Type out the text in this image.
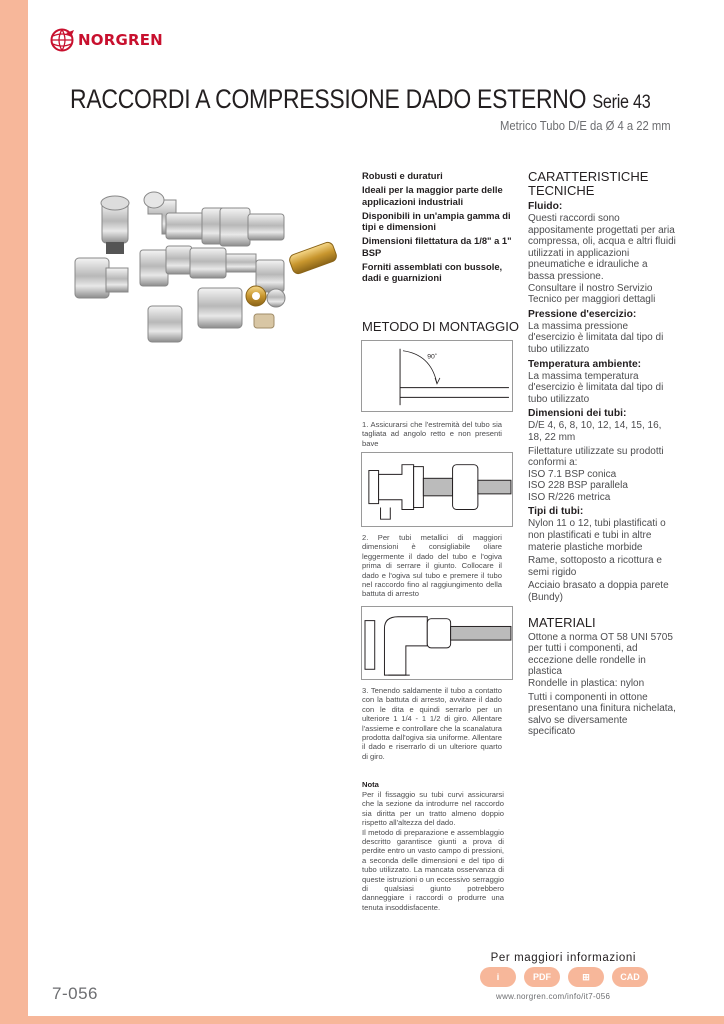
NORGREN
RACCORDI A COMPRESSIONE DADO ESTERNO Serie 43
Metrico Tubo D/E da Ø 4 a 22 mm

Robusti e duraturi

Ideali per la maggior parte delle applicazioni industriali

Disponibili in un'ampia gamma di tipi e dimensioni

Dimensioni filettatura da 1/8" a 1" BSP

Forniti assemblati con bussole, dadi e guarnizioni

METODO DI MONTAGGIO
90˚
1. Assicurarsi che l'estremità del tubo sia tagliata ad angolo retto e non presenti bave
2. Per tubi metallici di maggiori dimensioni è consigliabile oliare leggermente il dado del tubo e l'ogiva prima di serrare il giunto. Collocare il dado e l'ogiva sul tubo e premere il tubo nel raccordo fino al raggiungimento della battuta di arresto
3. Tenendo saldamente il tubo a contatto con la battuta di arresto, avvitare il dado con le dita e quindi serrarlo per un ulteriore 1 1/4 - 1 1/2 di giro. Allentare l'assieme e controllare che la scanalatura prodotta dall'ogiva sia uniforme. Allentare il dado e riserrarlo di un ulteriore quarto di giro.
Nota

Per il fissaggio su tubi curvi assicurarsi che la sezione da introdurre nel raccordo sia diritta per un tratto almeno doppio rispetto all'altezza del dado.

Il metodo di preparazione e assemblaggio descritto garantisce giunti a prova di perdite entro un vasto campo di pressioni, a seconda delle dimensioni e del tipo di tubo utilizzato. La mancata osservanza di queste istruzioni o un eccessivo serraggio di qualsiasi giunto potrebbero danneggiare i raccordi o produrre una tenuta insoddisfacente.

CARATTERISTICHE TECNICHE
Fluido:
Questi raccordi sono appositamente progettati per aria compressa, oli, acqua e altri fluidi utilizzati in applicazioni pneumatiche e idrauliche a bassa pressione.
Consultare il nostro Servizio Tecnico per maggiori dettagli
Pressione d'esercizio:
La massima pressione d'esercizio è limitata dal tipo di tubo utilizzato
Temperatura ambiente:
La massima temperatura d'esercizio è limitata dal tipo di tubo utilizzato
Dimensioni dei tubi:
D/E 4, 6, 8, 10, 12, 14, 15, 16, 18, 22 mm
Filettature utilizzate su prodotti conformi a:
ISO 7.1 BSP conica
ISO 228 BSP parallela
ISO R/226 metrica
Tipi di tubi:
Nylon 11 o 12, tubi plastificati o non plastificati e tubi in altre materie plastiche morbide
Rame, sottoposto a ricottura e semi rigido
Acciaio brasato a doppia parete (Bundy)
MATERIALI
Ottone a norma OT 58 UNI 5705 per tutti i componenti, ad eccezione delle rondelle in plastica
Rondelle in plastica: nylon
Tutti i componenti in ottone presentano una finitura nichelata, salvo se diversamente specificato
Per maggiori informazioni
i	PDF	⊞	CAD
www.norgren.com/info/it7-056
7-056
